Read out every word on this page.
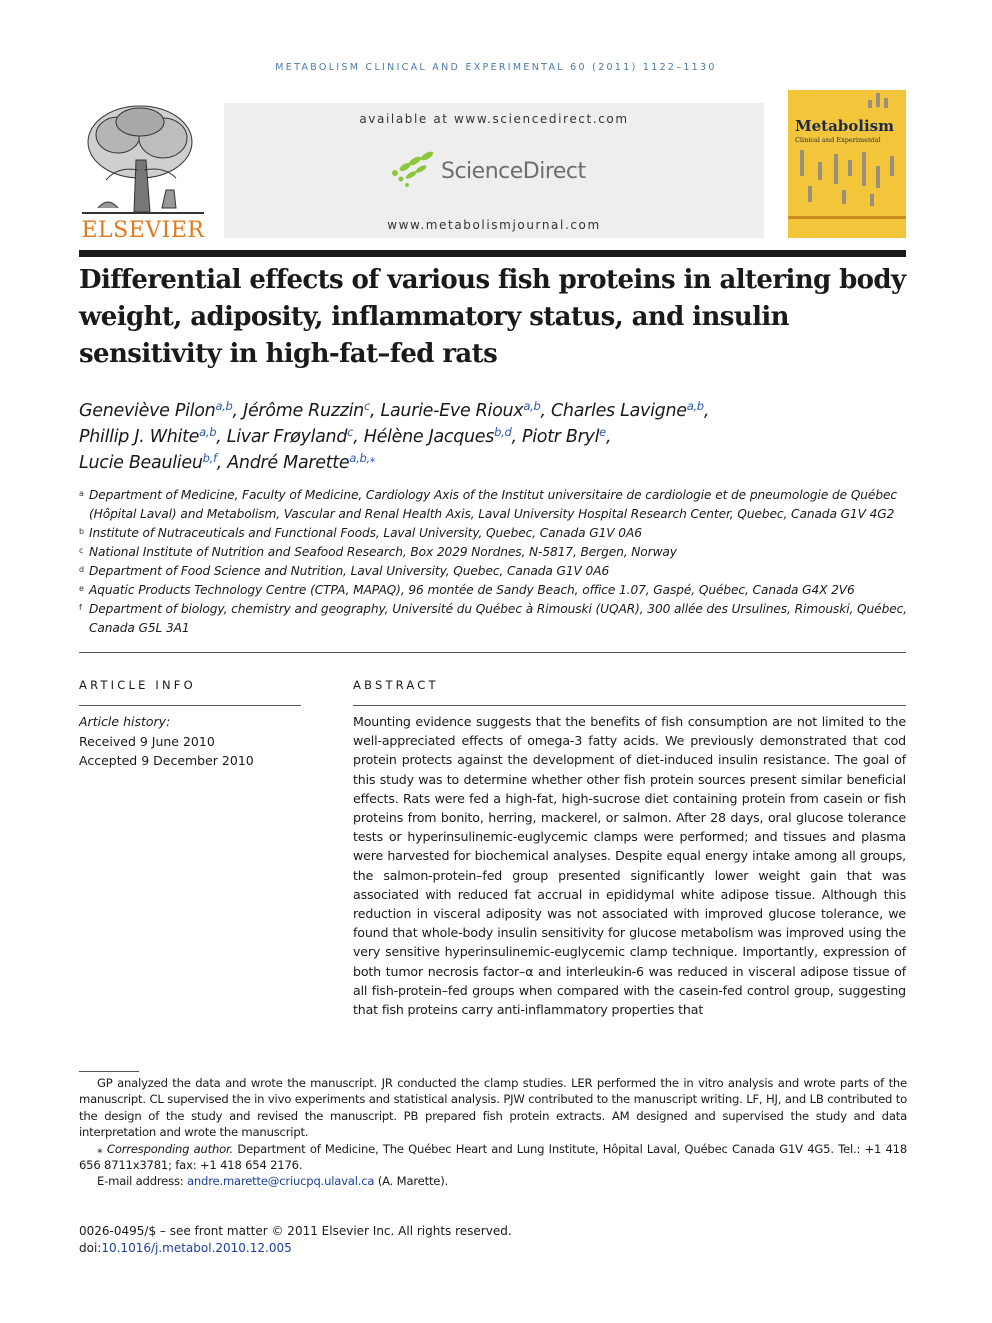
METABOLISM CLINICAL AND EXPERIMENTAL 60 (2011) 1122–1130
ELSEVIER
available at www.sciencedirect.com
ScienceDirect
www.metabolismjournal.com
Metabolism
Clinical and Experimental
Differential effects of various fish proteins in altering body weight, adiposity, inflammatory status, and insulin sensitivity in high-fat–fed rats
Geneviève Pilon$^{a,b}$, Jérôme Ruzzin$^c$, Laurie-Eve Rioux$^{a,b}$, Charles Lavigne$^{a,b}$,
Phillip J. White$^{a,b}$, Livar Frøyland$^c$, Hélène Jacques$^{b,d}$, Piotr Bryl$^e$,
Lucie Beaulieu$^{b,f}$, André Marette$^{a,b,⁎}$
a Department of Medicine, Faculty of Medicine, Cardiology Axis of the Institut universitaire de cardiologie et de pneumologie de Québec (Hôpital Laval) and Metabolism, Vascular and Renal Health Axis, Laval University Hospital Research Center, Quebec, Canada G1V 4G2
b Institute of Nutraceuticals and Functional Foods, Laval University, Quebec, Canada G1V 0A6
c National Institute of Nutrition and Seafood Research, Box 2029 Nordnes, N-5817, Bergen, Norway
d Department of Food Science and Nutrition, Laval University, Quebec, Canada G1V 0A6
e Aquatic Products Technology Centre (CTPA, MAPAQ), 96 montée de Sandy Beach, office 1.07, Gaspé, Québec, Canada G4X 2V6
f Department of biology, chemistry and geography, Université du Québec à Rimouski (UQAR), 300 allée des Ursulines, Rimouski, Québec, Canada G5L 3A1
ARTICLE INFO
Article history:
Received 9 June 2010
Accepted 9 December 2010
ABSTRACT
Mounting evidence suggests that the benefits of fish consumption are not limited to the well-appreciated effects of omega-3 fatty acids. We previously demonstrated that cod protein protects against the development of diet-induced insulin resistance. The goal of this study was to determine whether other fish protein sources present similar beneficial effects. Rats were fed a high-fat, high-sucrose diet containing protein from casein or fish proteins from bonito, herring, mackerel, or salmon. After 28 days, oral glucose tolerance tests or hyperinsulinemic-euglycemic clamps were performed; and tissues and plasma were harvested for biochemical analyses. Despite equal energy intake among all groups, the salmon-protein–fed group presented significantly lower weight gain that was associated with reduced fat accrual in epididymal white adipose tissue. Although this reduction in visceral adiposity was not associated with improved glucose tolerance, we found that whole-body insulin sensitivity for glucose metabolism was improved using the very sensitive hyperinsulinemic-euglycemic clamp technique. Importantly, expression of both tumor necrosis factor–α and interleukin-6 was reduced in visceral adipose tissue of all fish-protein–fed groups when compared with the casein-fed control group, suggesting that fish proteins carry anti-inflammatory properties that

GP analyzed the data and wrote the manuscript. JR conducted the clamp studies. LER performed the in vitro analysis and wrote parts of the manuscript. CL supervised the in vivo experiments and statistical analysis. PJW contributed to the manuscript writing. LF, HJ, and LB contributed to the design of the study and revised the manuscript. PB prepared fish protein extracts. AM designed and supervised the study and data interpretation and wrote the manuscript.

⁎ Corresponding author. Department of Medicine, The Québec Heart and Lung Institute, Hôpital Laval, Québec Canada G1V 4G5. Tel.: +1 418 656 8711x3781; fax: +1 418 654 2176.

E-mail address: andre.marette@criucpq.ulaval.ca (A. Marette).

0026-0495/$ – see front matter © 2011 Elsevier Inc. All rights reserved.
doi:10.1016/j.metabol.2010.12.005
